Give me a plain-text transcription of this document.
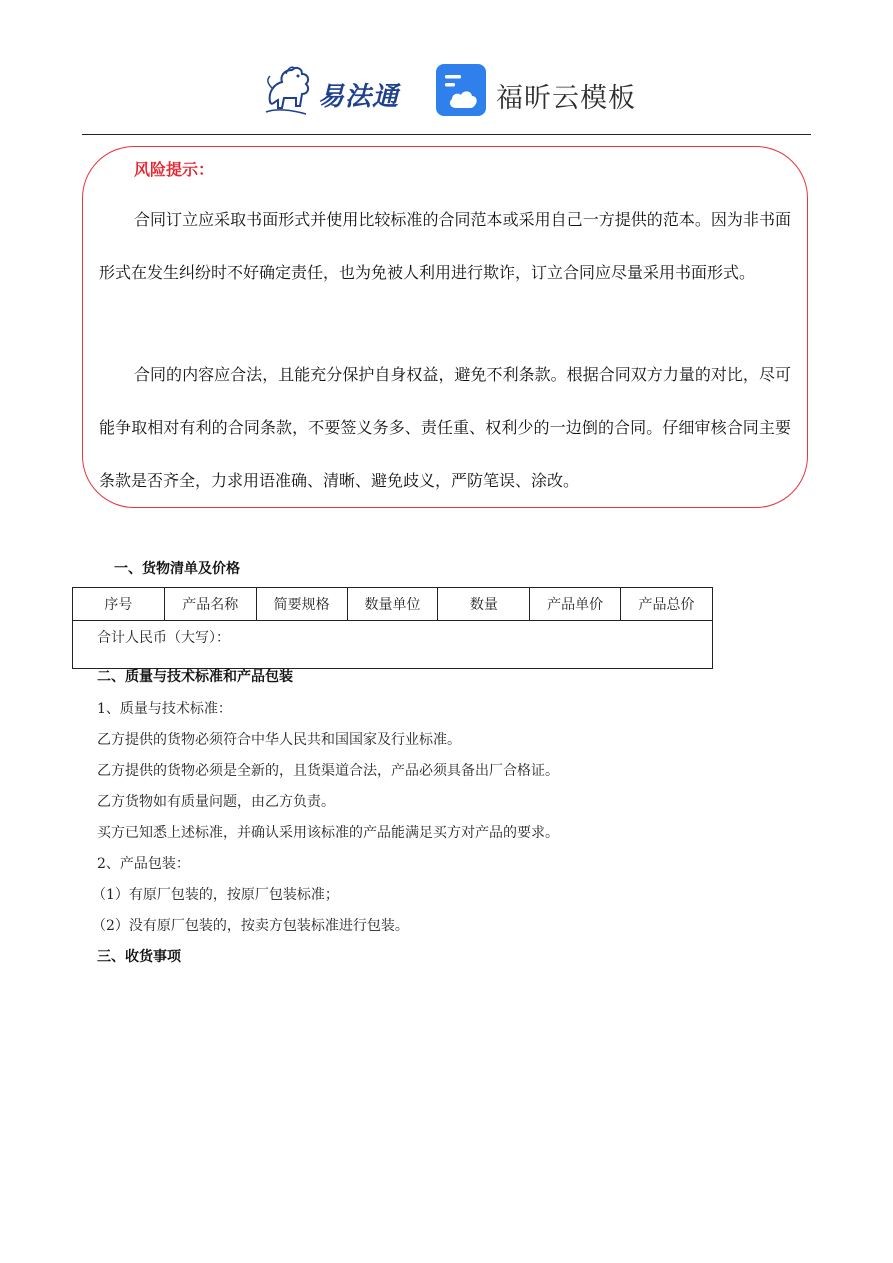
易法通	福昕云模板
风险提示：

合同订立应采取书面形式并使用比较标准的合同范本或采用自己一方提供的范本。因为非书面形式在发生纠纷时不好确定责任，也为免被人利用进行欺诈，订立合同应尽量采用书面形式。

合同的内容应合法，且能充分保护自身权益，避免不利条款。根据合同双方力量的对比，尽可能争取相对有利的合同条款，不要签义务多、责任重、权利少的一边倒的合同。仔细审核合同主要条款是否齐全，力求用语准确、清晰、避免歧义，严防笔误、涂改。

一、货物清单及价格
序号	产品名称	简要规格	数量单位	数量	产品单价	产品总价
合计人民币（大写）：
二、质量与技术标准和产品包装
1、质量与技术标准：
乙方提供的货物必须符合中华人民共和国国家及行业标准。
乙方提供的货物必须是全新的，且货渠道合法，产品必须具备出厂合格证。
乙方货物如有质量问题，由乙方负责。
买方已知悉上述标准，并确认采用该标准的产品能满足买方对产品的要求。
2、产品包装：
（1）有原厂包装的，按原厂包装标准；
（2）没有原厂包装的，按卖方包装标准进行包装。
三、收货事项
